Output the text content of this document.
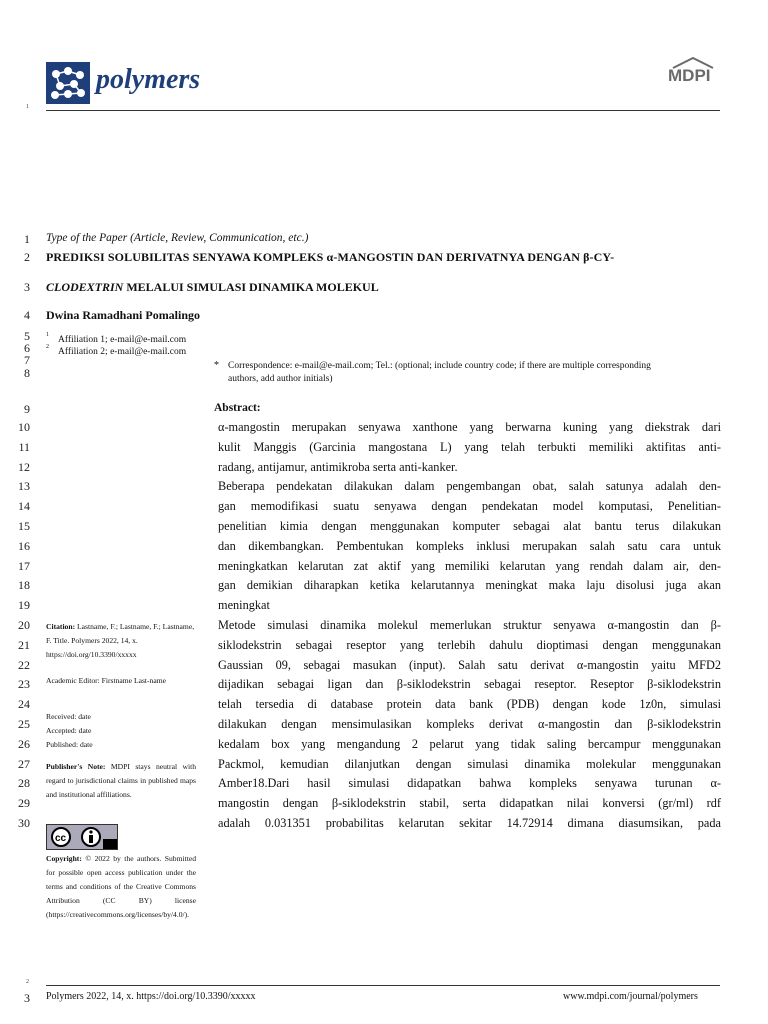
polymers	MDPI
1
1
2
3
4
5
6
7
8
9
10
11
12
13
14
15
16
17
18
19
20
21
22
23
24
25
26
27
28
29
30
Type of the Paper (Article, Review, Communication, etc.)
PREDIKSI SOLUBILITAS SENYAWA KOMPLEKS α-MANGOSTIN DAN DERIVATNYA DENGAN β-CY-
CLODEXTRIN MELALUI SIMULASI DINAMIKA MOLEKUL
Dwina Ramadhani Pomalingo
1 Affiliation 1; e-mail@e-mail.com
2 Affiliation 2; e-mail@e-mail.com
* Correspondence: e-mail@e-mail.com; Tel.: (optional; include country code; if there are multiple corresponding authors, add author initials)
Abstract:
α-mangostin merupakan senyawa xanthone yang berwarna kuning yang diekstrak dari
kulit Manggis (Garcinia mangostana L) yang telah terbukti memiliki aktifitas anti-
radang, antijamur, antimikroba serta anti-kanker.
Beberapa pendekatan dilakukan dalam pengembangan obat, salah satunya adalah den-
gan memodifikasi suatu senyawa dengan pendekatan model komputasi, Penelitian-
penelitian kimia dengan menggunakan komputer sebagai alat bantu terus dilakukan
dan dikembangkan. Pembentukan kompleks inklusi merupakan salah satu cara untuk
meningkatkan kelarutan zat aktif yang memiliki kelarutan yang rendah dalam air, den-
gan demikian diharapkan ketika kelarutannya meningkat maka laju disolusi juga akan
meningkat
Metode simulasi dinamika molekul memerlukan struktur senyawa α-mangostin dan β-
siklodekstrin sebagai reseptor yang terlebih dahulu dioptimasi dengan menggunakan
Gaussian 09, sebagai masukan (input). Salah satu derivat α-mangostin yaitu MFD2
dijadikan sebagai ligan dan β-siklodekstrin sebagai reseptor. Reseptor β-siklodekstrin
telah tersedia di database protein data bank (PDB) dengan kode 1z0n, simulasi
dilakukan dengan mensimulasikan kompleks derivat α-mangostin dan β-siklodekstrin
kedalam box yang mengandung 2 pelarut yang tidak saling bercampur menggunakan
Packmol, kemudian dilanjutkan dengan simulasi dinamika molekular menggunakan
Amber18.Dari hasil simulasi didapatkan bahwa kompleks senyawa turunan α-
mangostin dengan β-siklodekstrin stabil, serta didapatkan nilai konversi (gr/ml) rdf
adalah 0.031351 probabilitas kelarutan sekitar 14.72914 dimana diasumsikan, pada
Citation: Lastname, F.; Lastname, F.; Lastname, F. Title. Polymers 2022, 14, x. https://doi.org/10.3390/xxxxx
Academic Editor: Firstname Last-name
Received: date
Accepted: date
Published: date
Publisher's Note: MDPI stays neutral with regard to jurisdictional claims in published maps and institutional affiliations.
cc
Copyright: © 2022 by the authors. Submitted for possible open access publication under the terms and conditions of the Creative Commons Attribution (CC BY) license (https://creativecommons.org/licenses/by/4.0/).
2
3 Polymers 2022, 14, x. https://doi.org/10.3390/xxxxx	www.mdpi.com/journal/polymers
